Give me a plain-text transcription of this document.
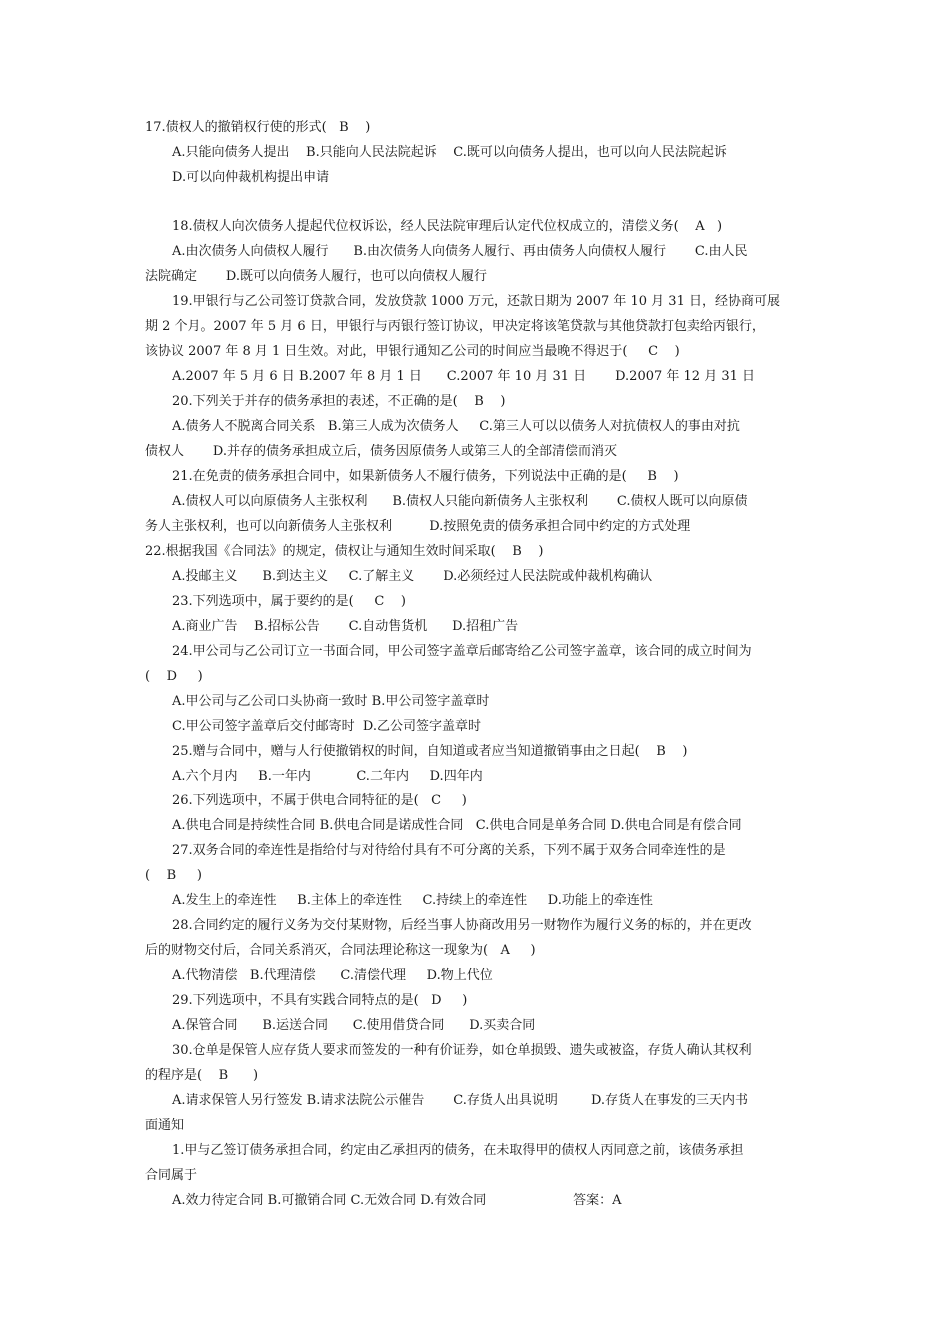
17.债权人的撤销权行使的形式(   B    )
A.只能向债务人提出    B.只能向人民法院起诉    C.既可以向债务人提出，也可以向人民法院起诉
D.可以向仲裁机构提出申请
18.债权人向次债务人提起代位权诉讼，经人民法院审理后认定代位权成立的，清偿义务(    A   )
A.由次债务人向债权人履行      B.由次债务人向债务人履行、再由债务人向债权人履行       C.由人民
法院确定       D.既可以向债务人履行，也可以向债权人履行
19.甲银行与乙公司签订贷款合同，发放贷款 1000 万元，还款日期为 2007 年 10 月 31 日，经协商可展
期 2 个月。2007 年 5 月 6 日，甲银行与丙银行签订协议，甲决定将该笔贷款与其他贷款打包卖给丙银行，
该协议 2007 年 8 月 1 日生效。对此，甲银行通知乙公司的时间应当最晚不得迟于(     C    )
A.2007 年 5 月 6 日 B.2007 年 8 月 1 日      C.2007 年 10 月 31 日       D.2007 年 12 月 31 日
20.下列关于并存的债务承担的表述，不正确的是(    B    )
A.债务人不脱离合同关系   B.第三人成为次债务人     C.第三人可以以债务人对抗债权人的事由对抗
债权人       D.并存的债务承担成立后，债务因原债务人或第三人的全部清偿而消灭
21.在免责的债务承担合同中，如果新债务人不履行债务，下列说法中正确的是(     B    )
A.债权人可以向原债务人主张权利      B.债权人只能向新债务人主张权利       C.债权人既可以向原债
务人主张权利，也可以向新债务人主张权利         D.按照免责的债务承担合同中约定的方式处理
22.根据我国《合同法》的规定，债权让与通知生效时间采取(    B    )
A.投邮主义      B.到达主义     C.了解主义       D.必须经过人民法院或仲裁机构确认
23.下列选项中，属于要约的是(     C    )
A.商业广告    B.招标公告       C.自动售货机      D.招租广告
24.甲公司与乙公司订立一书面合同，甲公司签字盖章后邮寄给乙公司签字盖章，该合同的成立时间为
(    D     )
A.甲公司与乙公司口头协商一致时 B.甲公司签字盖章时
C.甲公司签字盖章后交付邮寄时  D.乙公司签字盖章时
25.赠与合同中，赠与人行使撤销权的时间，自知道或者应当知道撤销事由之日起(    B    )
A.六个月内     B.一年内           C.二年内     D.四年内
26.下列选项中，不属于供电合同特征的是(   C     )
A.供电合同是持续性合同 B.供电合同是诺成性合同   C.供电合同是单务合同 D.供电合同是有偿合同
27.双务合同的牵连性是指给付与对待给付具有不可分离的关系，下列不属于双务合同牵连性的是
(    B     )
A.发生上的牵连性     B.主体上的牵连性     C.持续上的牵连性     D.功能上的牵连性
28.合同约定的履行义务为交付某财物，后经当事人协商改用另一财物作为履行义务的标的，并在更改
后的财物交付后，合同关系消灭，合同法理论称这一现象为(   A     )
A.代物清偿   B.代理清偿      C.清偿代理     D.物上代位
29.下列选项中，不具有实践合同特点的是(   D     )
A.保管合同      B.运送合同      C.使用借贷合同      D.买卖合同
30.仓单是保管人应存货人要求而签发的一种有价证券，如仓单损毁、遗失或被盗，存货人确认其权利
的程序是(    B      )
A.请求保管人另行签发 B.请求法院公示催告       C.存货人出具说明        D.存货人在事发的三天内书
面通知
1.甲与乙签订债务承担合同，约定由乙承担丙的债务，在未取得甲的债权人丙同意之前，该债务承担
合同属于
A.效力待定合同 B.可撤销合同 C.无效合同 D.有效合同                     答案：A
